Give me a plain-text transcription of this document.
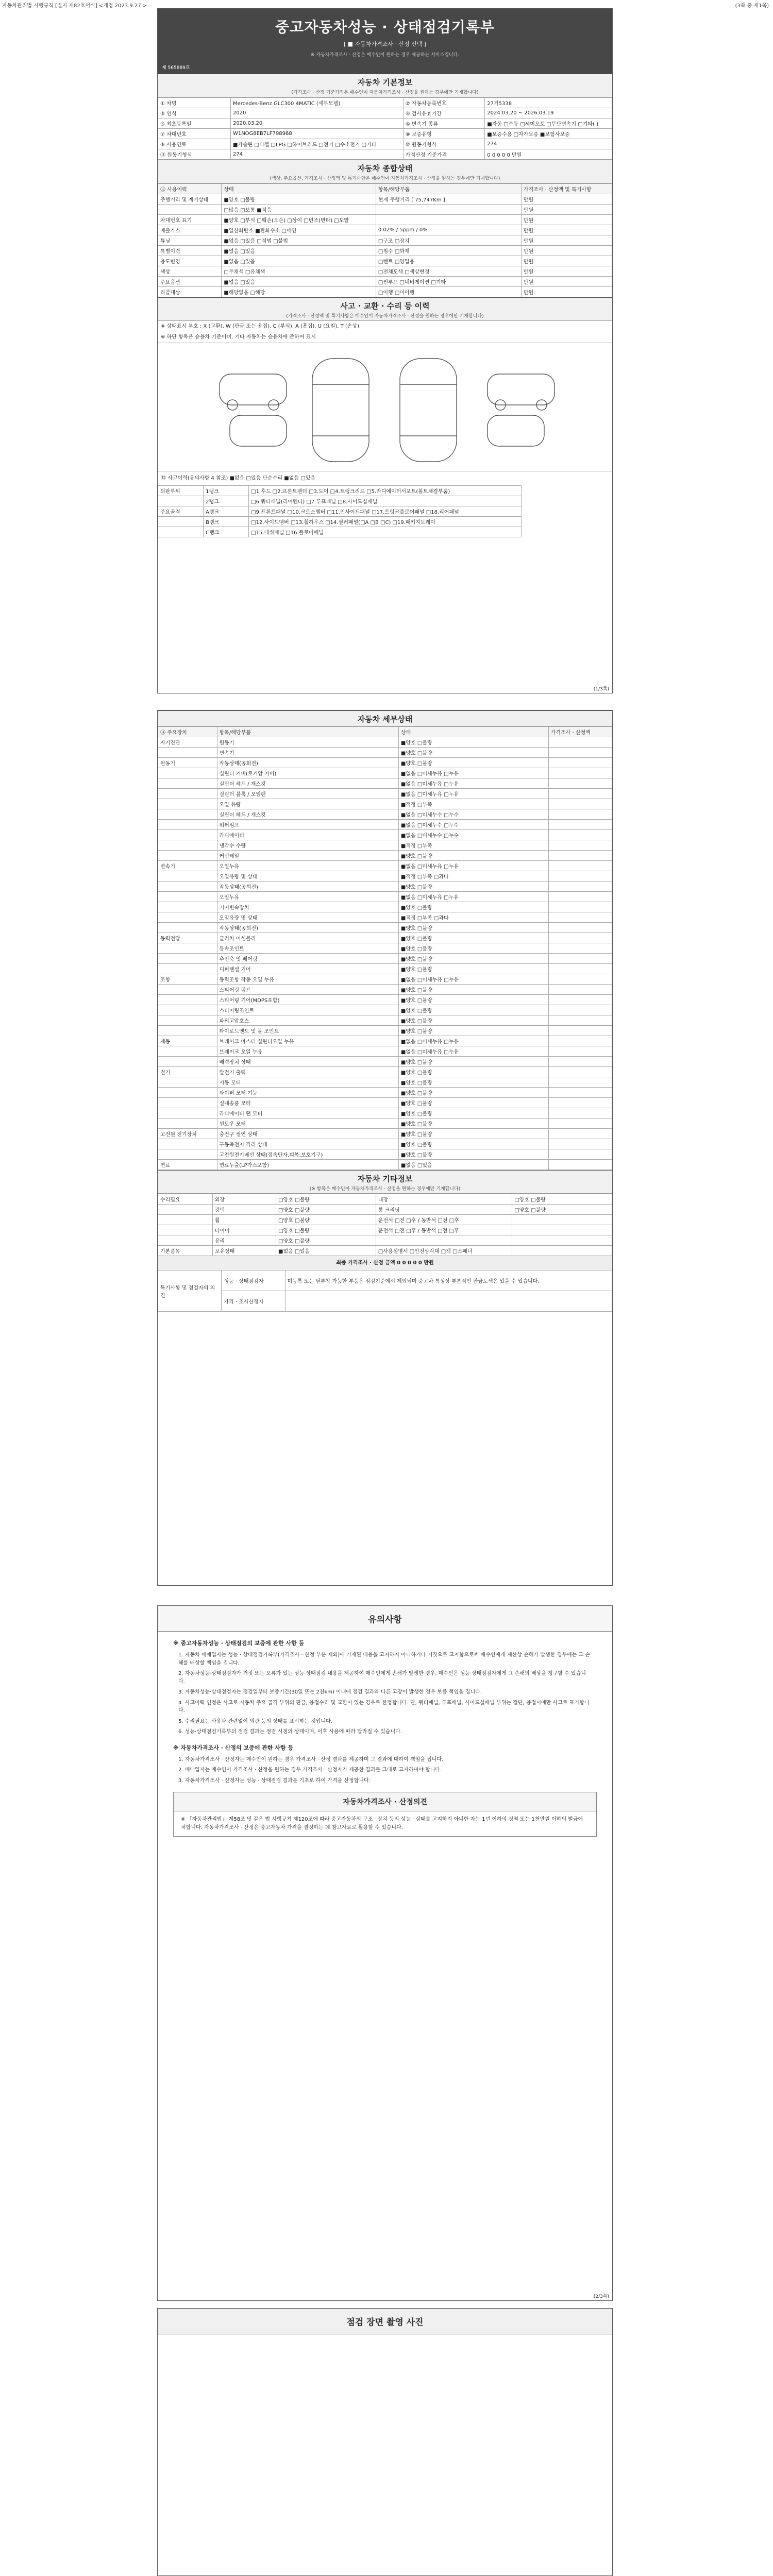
자동차관리법 시행규칙 [별지 제82호서식] <개정 2023.9.27.>	(3쪽 중 제1쪽)
중고자동차성능 · 상태점검기록부
[ ■ 자동차가격조사 · 산정 선택 ]
※ 자동차가격조사 · 산정은 매수인이 원하는 경우 제공하는 서비스입니다.
제 565889호
자동차 기본정보
(가격조사 · 산정 기준가격은 매수인이 자동차가격조사 · 산정을 원하는 경우에만 기재합니다)
① 차명	Mercedes-Benz GLC300 4MATIC (세부모델)	② 자동차등록번호	27거5338
③ 연식	2020	④ 검사유효기간	2024.03.20 ~ 2026.03.19
⑤ 최초등록일	2020.03.20	⑥ 변속기 종류	■자동 □수동 □세미오토 □무단변속기 □기타( )
⑦ 차대번호	W1NOG8EB7LF798968	⑧ 보증유형	■보증수용 □자가보증 ■보험사보증
⑨ 사용연료	■가솔린 □디젤 □LPG □하이브리드 □전기 □수소전기 □기타	⑩ 원동기형식	274
⑪ 원동기형식	274	가격산정 기준가격	0 0 0 0 0 만원
자동차 종합상태
(색상, 주요옵션, 가격조사 · 산정액 및 특기사항은 매수인이 자동차가격조사 · 산정을 원하는 경우에만 기재합니다)
⑫ 사용이력	상태	항목/해당부품	가격조사 · 산정액 및 특기사항
주행거리 및 계기상태	■양호 □불량	현재 주행거리 [ 75,747Km ]	만원
	□많음 □보통 ■적음		만원
차대번호 표기	■양호 □부식 □훼손(오손) □상이 □변조(변타) □도말		만원
배출가스	■일산화탄소 ■탄화수소 □매연	0.02% / 5ppm / 0%	만원
튜닝	■없음 □있음 □적법 □불법	□구조 □장치	만원
특별이력	■없음 □있음	□침수 □화재	만원
용도변경	■없음 □있음	□렌트 □영업용	만원
색상	□무채색 □유채색	□전체도색 □색상변경	만원
주요옵션	■없음 □있음	□썬루프 □네비게이션 □기타	만원
리콜대상	■해당없음 □해당	□이행 □미이행	만원
사고 · 교환 · 수리 등 이력
(가격조사 · 산정액 및 특기사항은 매수인이 자동차가격조사 · 산정을 원하는 경우에만 기재합니다)
※ 상태표시 부호 : X (교환), W (판금 또는 용접), C (부식), A (흠집), U (요철), T (손상)
※ 하단 항목은 승용차 기준이며, 기타 자동차는 승용차에 준하여 표시
⑬ 사고이력(유의사항 4 참조) ■없음 □있음 단순수리 ■없음 □있음
외판부위	1랭크	□1.후드 □2.프론트펜더 □3.도어 □4.트렁크리드 □5.라디에이터서포트(볼트체결부품)
	2랭크	□6.쿼터패널(리어펜더) □7.루프패널 □8.사이드실패널
주요골격	A랭크	□9.프론트패널 □10.크로스멤버 □11.인사이드패널 □17.트렁크플로어패널 □18.리어패널
	B랭크	□12.사이드멤버 □13.휠하우스 □14.필러패널(□A □B □C) □19.패키지트레이
	C랭크	□15.대쉬패널 □16.플로어패널
(1/3쪽)
자동차 세부상태
⑭ 주요장치	항목/해당부품	상태	가격조사 · 산정액
자기진단	원동기	■양호 □불량	
	변속기	■양호 □불량	
원동기	작동상태(공회전)	■양호 □불량	
	실린더 커버(로커암 커버)	■없음 □미세누유 □누유	
	실린더 헤드 / 개스킷	■없음 □미세누유 □누유	
	실린더 블록 / 오일팬	■없음 □미세누유 □누유	
	오일 유량	■적정 □부족	
	실린더 헤드 / 개스킷	■없음 □미세누수 □누수	
	워터펌프	■없음 □미세누수 □누수	
	라디에이터	■없음 □미세누수 □누수	
	냉각수 수량	■적정 □부족	
	커먼레일	■양호 □불량	
변속기	오일누유	■없음 □미세누유 □누유	
	오일유량 및 상태	■적정 □부족 □과다	
	작동상태(공회전)	■양호 □불량	
	오일누유	■없음 □미세누유 □누유	
	기어변속장치	■양호 □불량	
	오일유량 및 상태	■적정 □부족 □과다	
	작동상태(공회전)	■양호 □불량	
동력전달	클러치 어셈블리	■양호 □불량	
	등속조인트	■양호 □불량	
	추진축 및 베어링	■양호 □불량	
	디퍼렌셜 기어	■양호 □불량	
조향	동력조향 작동 오일 누유	■없음 □미세누유 □누유	
	스티어링 펌프	■양호 □불량	
	스티어링 기어(MDPS포함)	■양호 □불량	
	스티어링조인트	■양호 □불량	
	파워고압호스	■양호 □불량	
	타이로드엔드 및 볼 조인트	■양호 □불량	
제동	브레이크 마스터 실린더오일 누유	■없음 □미세누유 □누유	
	브레이크 오일 누유	■없음 □미세누유 □누유	
	배력장치 상태	■양호 □불량	
전기	발전기 출력	■양호 □불량	
	시동 모터	■양호 □불량	
	와이퍼 모터 기능	■양호 □불량	
	실내송풍 모터	■양호 □불량	
	라디에이터 팬 모터	■양호 □불량	
	윈도우 모터	■양호 □불량	
고전원 전기장치	충전구 절연 상태	■양호 □불량	
	구동축전지 격리 상태	■양호 □불량	
	고전원전기배선 상태(접속단자,피복,보호기구)	■양호 □불량	
연료	연료누출(LP가스포함)	■없음 □있음	
자동차 기타정보
(※ 항목은 매수인이 자동차가격조사 · 산정을 원하는 경우에만 기재합니다)
수리필요	외장	□양호 □불량	내장	□양호 □불량
	광택	□양호 □불량	룸 크리닝	□양호 □불량
	휠	□양호 □불량	운전석 □전 □후 / 동반석 □전 □후	
	타이어	□양호 □불량	운전석 □전 □후 / 동반석 □전 □후	
	유리	□양호 □불량		
기본품목	보유상태	■없음 □있음	□사용설명서 □안전삼각대 □잭 □스패너	
최종 가격조사 · 산정 금액 0 0 0 0 0 만원
특기사항 및 점검자의 의견	성능 · 상태점검자	미등록 또는 탈부착 가능한 부품은 점검기준에서 제외되며 중고차 특성상 부분적인 판금도색은 있을 수 있습니다.
	가격 · 조사산정자	
유의사항
※ 중고자동차성능 · 상태점검의 보증에 관한 사항 등
1. 자동차 매매업자는 성능 · 상태점검기록부(가격조사 · 산정 부분 제외)에 기재된 내용을 고지하지 아니하거나 거짓으로 고지함으로써 매수인에게 재산상 손해가 발생한 경우에는 그 손해를 배상할 책임을 집니다.
2. 자동차성능·상태점검자가 거짓 또는 오류가 있는 성능·상태점검 내용을 제공하여 매수인에게 손해가 발생한 경우, 매수인은 성능·상태점검자에게 그 손해의 배상을 청구할 수 있습니다.
3. 자동차성능·상태점검자는 점검일부터 보증기간(30일 또는 2천km) 이내에 점검 결과와 다른 고장이 발생한 경우 보증 책임을 집니다.
4. 사고이력 인정은 사고로 자동차 주요 골격 부위의 판금, 용접수리 및 교환이 있는 경우로 한정합니다. 단, 쿼터패널, 루프패널, 사이드실패널 부위는 절단, 용접시에만 사고로 표기합니다.
5. 수리필요는 사용과 관련없이 외관 등의 상태를 표시하는 것입니다.
6. 성능·상태점검기록부의 점검 결과는 점검 시점의 상태이며, 이후 사용에 따라 달라질 수 있습니다.
※ 자동차가격조사 · 산정의 보증에 관한 사항 등
1. 자동차가격조사 · 산정자는 매수인이 원하는 경우 가격조사 · 산정 결과를 제공하며 그 결과에 대하여 책임을 집니다.
2. 매매업자는 매수인이 가격조사 · 산정을 원하는 경우 가격조사 · 산정자가 제공한 결과를 그대로 고지하여야 합니다.
3. 자동차가격조사 · 산정자는 성능 · 상태점검 결과를 기초로 하여 가격을 산정합니다.
자동차가격조사 · 산정의견
※ 「자동차관리법」 제58조 및 같은 법 시행규칙 제120조에 따라 중고자동차의 구조 · 장치 등의 성능 · 상태를 고지하지 아니한 자는 1년 이하의 징역 또는 1천만원 이하의 벌금에 처합니다. 자동차가격조사 · 산정은 중고자동차 가격을 결정하는 데 참고자료로 활용할 수 있습니다.
(2/3쪽)
점검 장면 촬영 사진
